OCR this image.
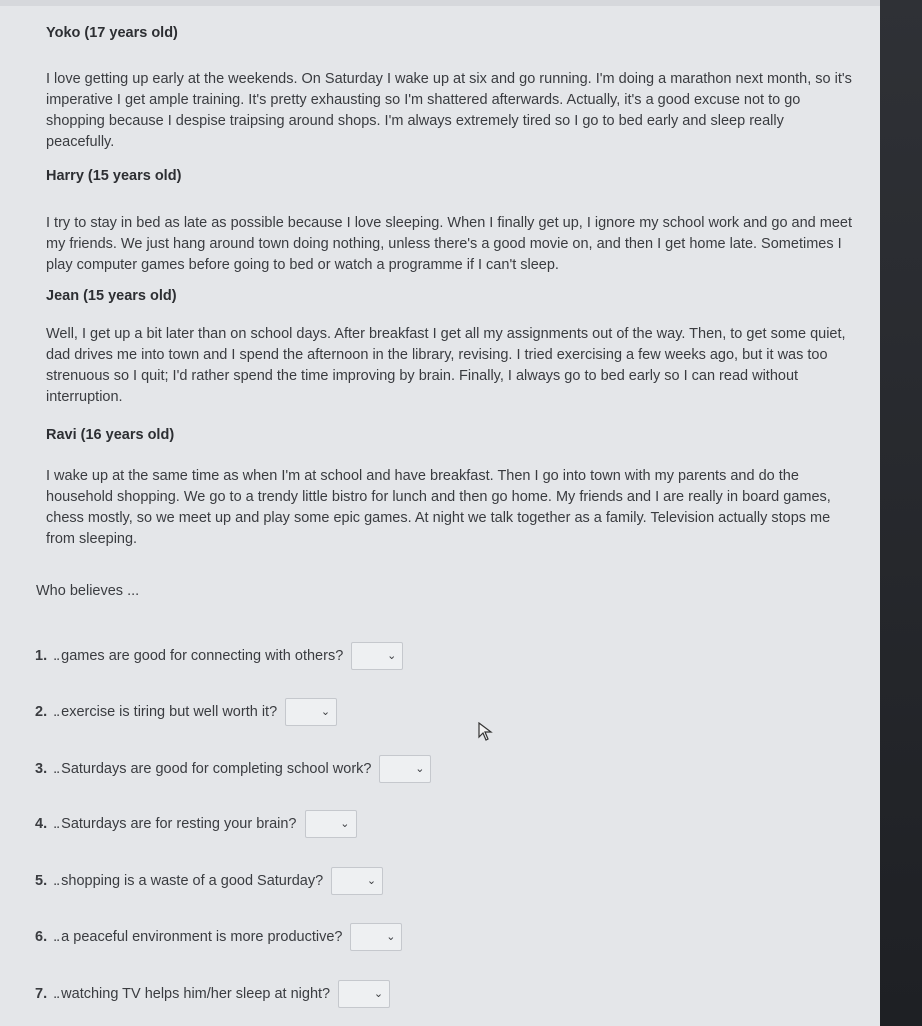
Yoko (17 years old)
I love getting up early at the weekends. On Saturday I wake up at six and go running. I'm doing a marathon next month, so it's imperative I get ample training. It's pretty exhausting so I'm shattered afterwards. Actually, it's a good excuse not to go shopping because I despise traipsing around shops. I'm always extremely tired so I go to bed early and sleep really peacefully.
Harry (15 years old)
I try to stay in bed as late as possible because I love sleeping. When I finally get up, I ignore my school work and go and meet my friends. We just hang around town doing nothing, unless there's a good movie on, and then I get home late. Sometimes I play computer games before going to bed or watch a programme if I can't sleep.
Jean (15 years old)
Well, I get up a bit later than on school days. After breakfast I get all my assignments out of the way. Then, to get some quiet, dad drives me into town and I spend the afternoon in the library, revising. I tried exercising a few weeks ago, but it was too strenuous so I quit; I'd rather spend the time improving by brain. Finally, I always go to bed early so I can read without interruption.
Ravi (16 years old)
I wake up at the same time as when I'm at school and have breakfast. Then I go into town with my parents and do the household shopping. We go to a trendy little bistro for lunch and then go home. My friends and I are really in board games, chess mostly, so we meet up and play some epic games. At night we talk together as a family. Television actually stops me from sleeping.
Who believes ...
1. .. games are good for connecting with others?	⌄
2. .. exercise is tiring but well worth it?	⌄
3. .. Saturdays are good for completing school work?	⌄
4. .. Saturdays are for resting your brain?	⌄
5. .. shopping is a waste of a good Saturday?	⌄
6. .. a peaceful environment is more productive?	⌄
7. .. watching TV helps him/her sleep at night?	⌄
